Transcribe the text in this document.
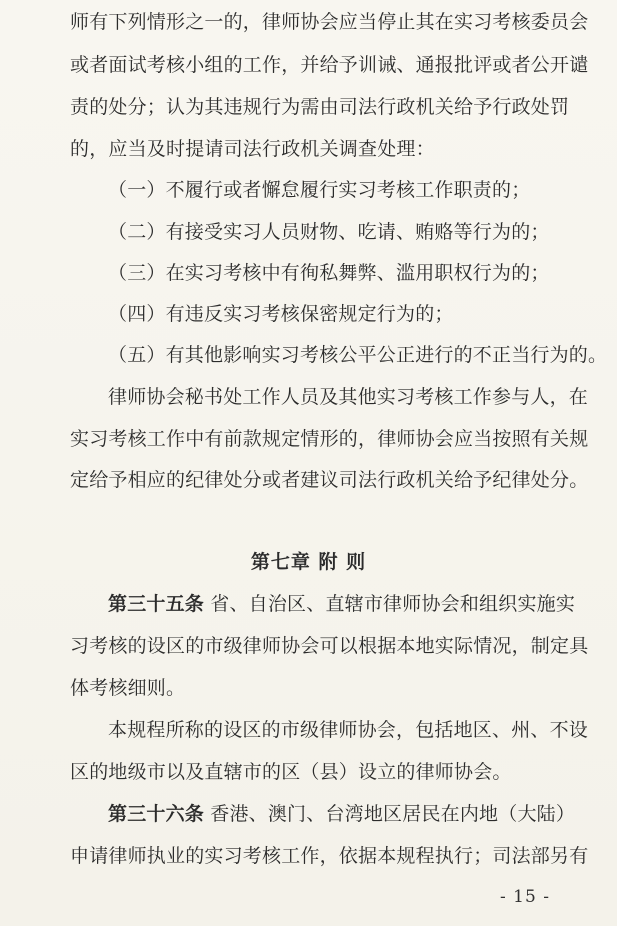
师有下列情形之一的，律师协会应当停止其在实习考核委员会
或者面试考核小组的工作，并给予训诫、通报批评或者公开谴
责的处分；认为其违规行为需由司法行政机关给予行政处罚
的，应当及时提请司法行政机关调查处理：
（一）不履行或者懈怠履行实习考核工作职责的；
（二）有接受实习人员财物、吃请、贿赂等行为的；
（三）在实习考核中有徇私舞弊、滥用职权行为的；
（四）有违反实习考核保密规定行为的；
（五）有其他影响实习考核公平公正进行的不正当行为的。
律师协会秘书处工作人员及其他实习考核工作参与人，在
实习考核工作中有前款规定情形的，律师协会应当按照有关规
定给予相应的纪律处分或者建议司法行政机关给予纪律处分。
第七章 附 则
第三十五条 省、自治区、直辖市律师协会和组织实施实
习考核的设区的市级律师协会可以根据本地实际情况，制定具
体考核细则。
本规程所称的设区的市级律师协会，包括地区、州、不设
区的地级市以及直辖市的区（县）设立的律师协会。
第三十六条 香港、澳门、台湾地区居民在内地（大陆）
申请律师执业的实习考核工作，依据本规程执行；司法部另有
- 15 -
